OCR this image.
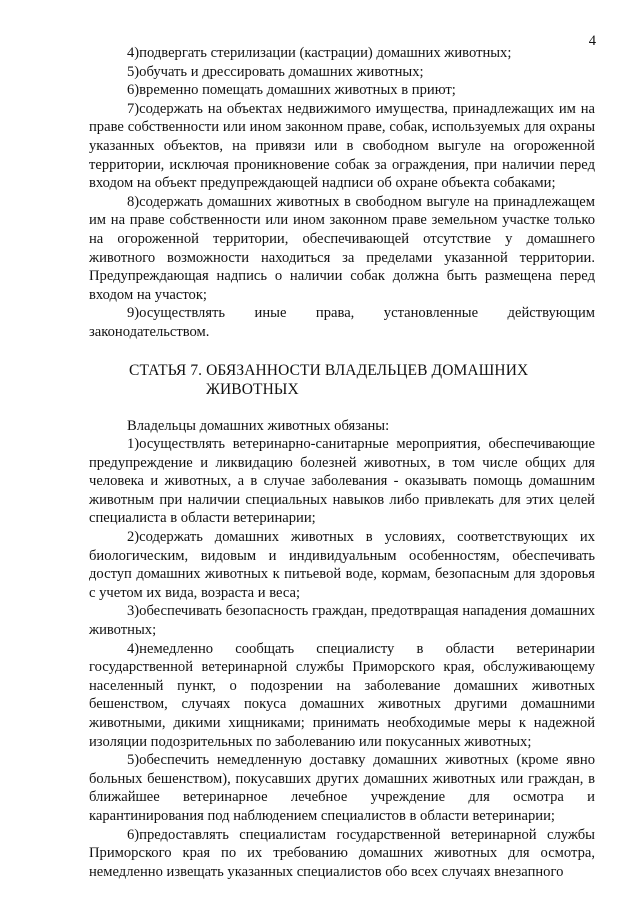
4

4)подвергать стерилизации (кастрации) домашних животных;

5)обучать и дрессировать домашних животных;

6)временно помещать домашних животных в приют;

7)содержать на объектах недвижимого имущества, принадлежащих им на праве собственности или ином законном праве, собак, используемых для охраны указанных объектов, на привязи или в свободном выгуле на огороженной территории, исключая проникновение собак за ограждения, при наличии перед входом на объект предупреждающей надписи об охране объекта собаками;

8)содержать домашних животных в свободном выгуле на принадлежащем им на праве собственности или ином законном праве земельном участке только на огороженной территории, обеспечивающей отсутствие у домашнего животного возможности находиться за пределами указанной территории. Предупреждающая надпись о наличии собак должна быть размещена перед входом на участок;

9)осуществлять иные права, установленные действующим законодательством.

СТАТЬЯ 7. ОБЯЗАННОСТИ ВЛАДЕЛЬЦЕВ ДОМАШНИХ
ЖИВОТНЫХ

Владельцы домашних животных обязаны:

1)осуществлять ветеринарно-санитарные мероприятия, обеспечивающие предупреждение и ликвидацию болезней животных, в том числе общих для человека и животных, а в случае заболевания - оказывать помощь домашним животным при наличии специальных навыков либо привлекать для этих целей специалиста в области ветеринарии;

2)содержать домашних животных в условиях, соответствующих их биологическим, видовым и индивидуальным особенностям, обеспечивать доступ домашних животных к питьевой воде, кормам, безопасным для здоровья с учетом их вида, возраста и веса;

3)обеспечивать безопасность граждан, предотвращая нападения домашних животных;

4)немедленно сообщать специалисту в области ветеринарии государственной ветеринарной службы Приморского края, обслуживающему населенный пункт, о подозрении на заболевание домашних животных бешенством, случаях покуса домашних животных другими домашними животными, дикими хищниками; принимать необходимые меры к надежной изоляции подозрительных по заболеванию или покусанных животных;

5)обеспечить немедленную доставку домашних животных (кроме явно больных бешенством), покусавших других домашних животных или граждан, в ближайшее ветеринарное лечебное учреждение для осмотра и карантинирования под наблюдением специалистов в области ветеринарии;

6)предоставлять специалистам государственной ветеринарной службы Приморского края по их требованию домашних животных для осмотра, немедленно извещать указанных специалистов обо всех случаях внезапного
